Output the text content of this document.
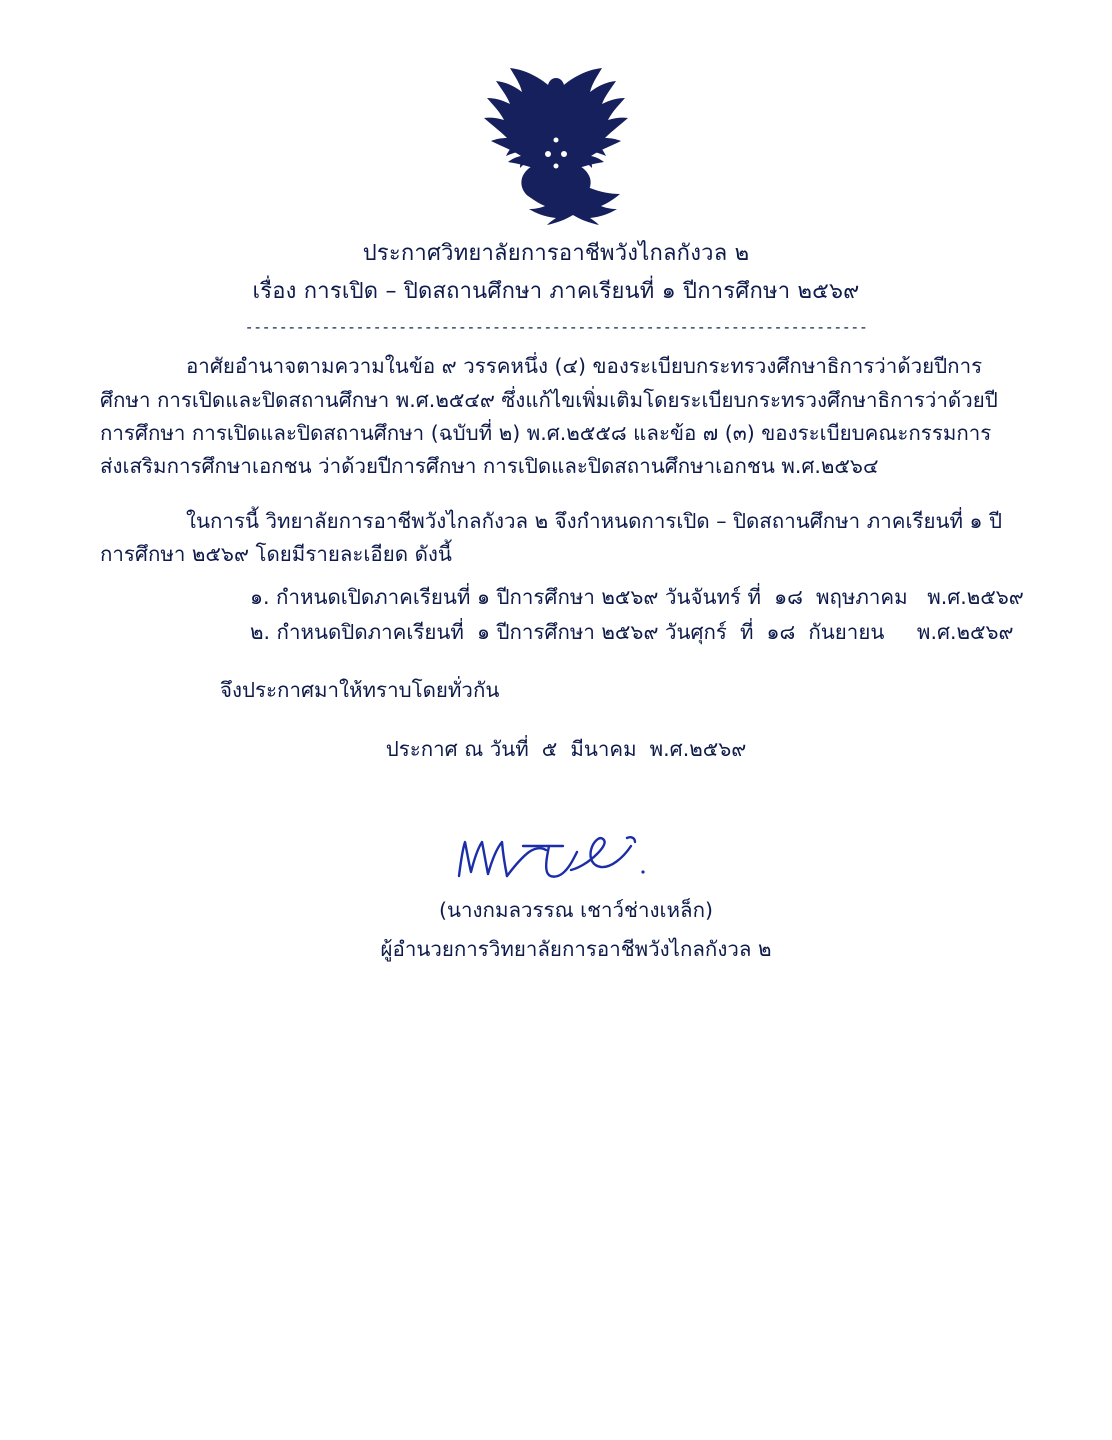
ประกาศวิทยาลัยการอาชีพวังไกลกังวล ๒
เรื่อง การเปิด – ปิดสถานศึกษา ภาคเรียนที่ ๑ ปีการศึกษา ๒๕๖๙
-------------------------------------------------------------------------

อาศัยอำนาจตามความในข้อ ๙ วรรคหนึ่ง (๔) ของระเบียบกระทรวงศึกษาธิการว่าด้วยปีการศึกษา การเปิดและปิดสถานศึกษา พ.ศ.๒๕๔๙ ซึ่งแก้ไขเพิ่มเติมโดยระเบียบกระทรวงศึกษาธิการว่าด้วยปีการศึกษา การเปิดและปิดสถานศึกษา (ฉบับที่ ๒) พ.ศ.๒๕๕๘ และข้อ ๗ (๓) ของระเบียบคณะกรรมการส่งเสริมการศึกษาเอกชน ว่าด้วยปีการศึกษา การเปิดและปิดสถานศึกษาเอกชน พ.ศ.๒๕๖๔

ในการนี้ วิทยาลัยการอาชีพวังไกลกังวล ๒ จึงกำหนดการเปิด – ปิดสถานศึกษา ภาคเรียนที่ ๑ ปีการศึกษา ๒๕๖๙ โดยมีรายละเอียด ดังนี้

๑. กำหนดเปิดภาคเรียนที่ ๑ ปีการศึกษา ๒๕๖๙ วันจันทร์ ที่  ๑๘  พฤษภาคม   พ.ศ.๒๕๖๙

๒. กำหนดปิดภาคเรียนที่  ๑ ปีการศึกษา ๒๕๖๙ วันศุกร์  ที่  ๑๘  กันยายน     พ.ศ.๒๕๖๙

จึงประกาศมาให้ทราบโดยทั่วกัน
ประกาศ ณ วันที่  ๕  มีนาคม  พ.ศ.๒๕๖๙
(นางกมลวรรณ เชาว์ช่างเหล็ก)
ผู้อำนวยการวิทยาลัยการอาชีพวังไกลกังวล ๒
